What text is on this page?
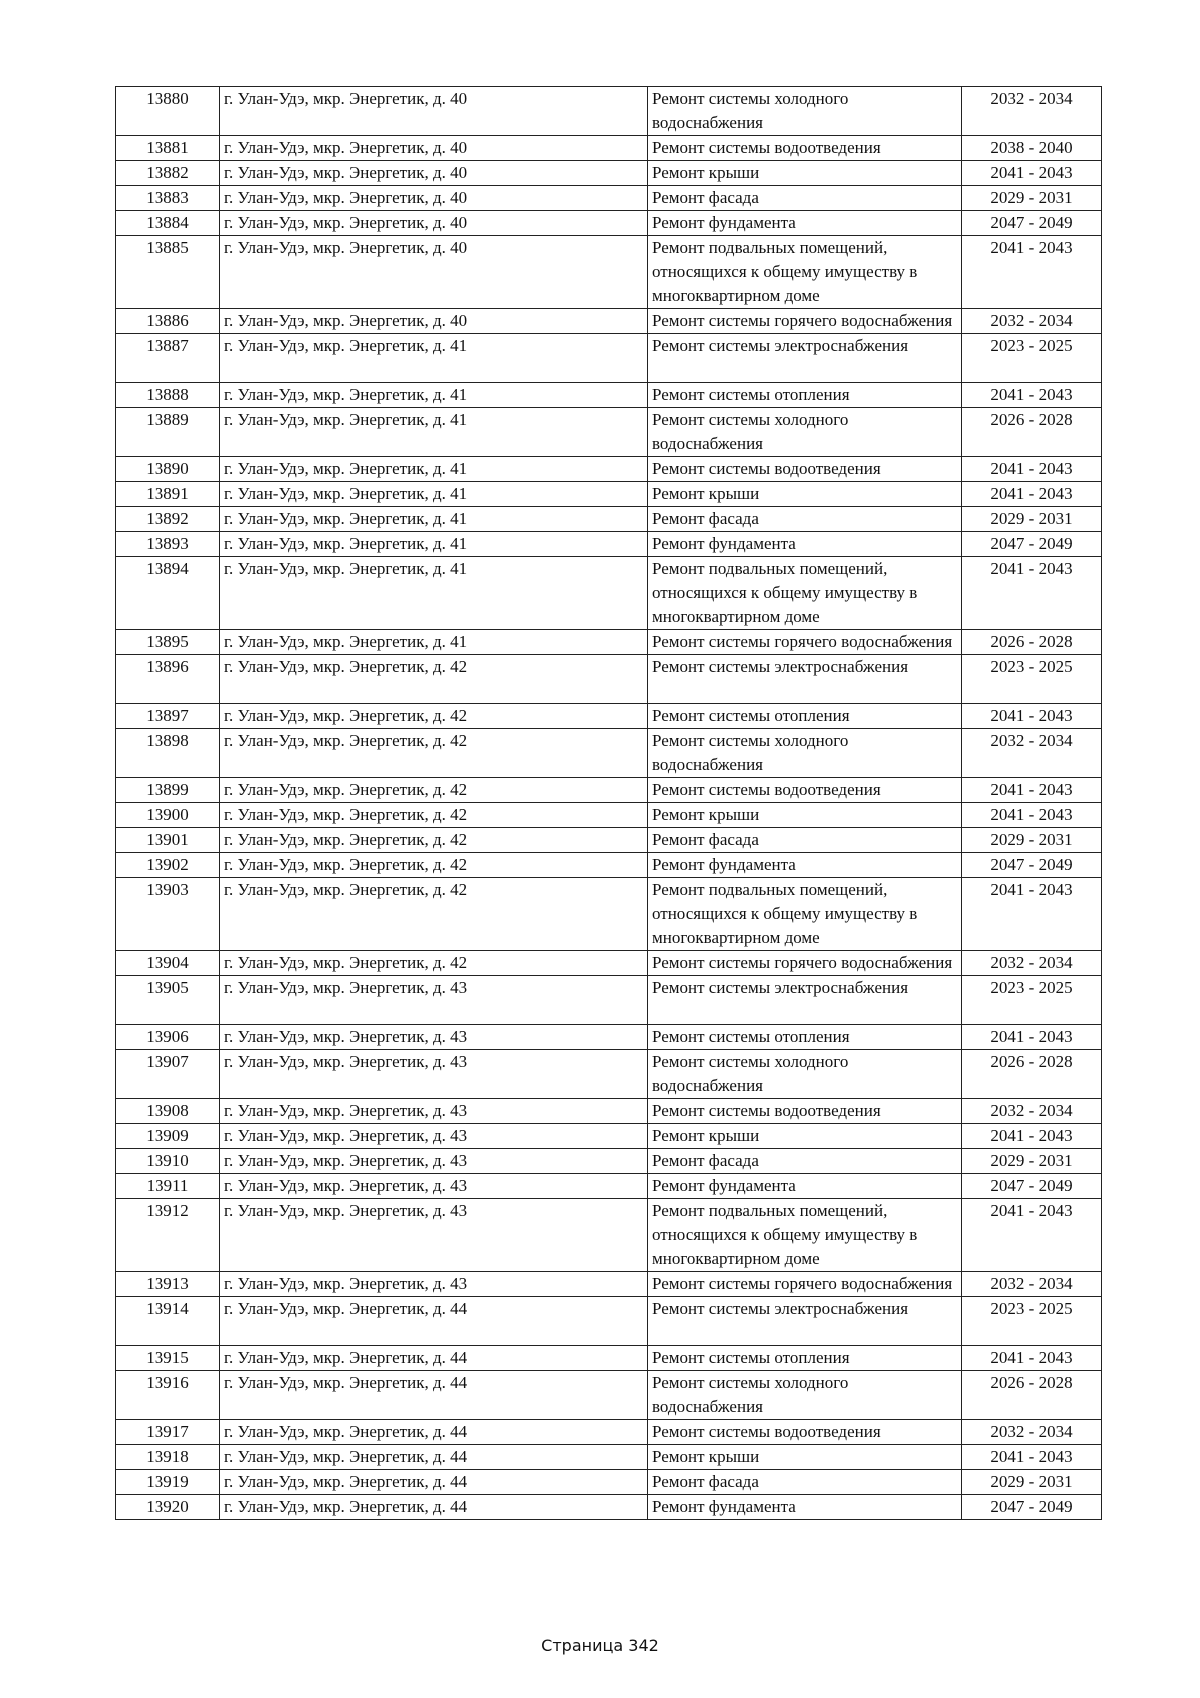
13880	г. Улан-Удэ, мкр. Энергетик, д. 40	Ремонт системы холодного водоснабжения	2032 - 2034
13881	г. Улан-Удэ, мкр. Энергетик, д. 40	Ремонт системы водоотведения	2038 - 2040
13882	г. Улан-Удэ, мкр. Энергетик, д. 40	Ремонт крыши	2041 - 2043
13883	г. Улан-Удэ, мкр. Энергетик, д. 40	Ремонт фасада	2029 - 2031
13884	г. Улан-Удэ, мкр. Энергетик, д. 40	Ремонт фундамента	2047 - 2049
13885	г. Улан-Удэ, мкр. Энергетик, д. 40	Ремонт подвальных помещений, относящихся к общему имуществу в многоквартирном доме	2041 - 2043
13886	г. Улан-Удэ, мкр. Энергетик, д. 40	Ремонт системы горячего водоснабжения	2032 - 2034
13887	г. Улан-Удэ, мкр. Энергетик, д. 41	Ремонт системы электроснабжения	2023 - 2025
13888	г. Улан-Удэ, мкр. Энергетик, д. 41	Ремонт системы отопления	2041 - 2043
13889	г. Улан-Удэ, мкр. Энергетик, д. 41	Ремонт системы холодного водоснабжения	2026 - 2028
13890	г. Улан-Удэ, мкр. Энергетик, д. 41	Ремонт системы водоотведения	2041 - 2043
13891	г. Улан-Удэ, мкр. Энергетик, д. 41	Ремонт крыши	2041 - 2043
13892	г. Улан-Удэ, мкр. Энергетик, д. 41	Ремонт фасада	2029 - 2031
13893	г. Улан-Удэ, мкр. Энергетик, д. 41	Ремонт фундамента	2047 - 2049
13894	г. Улан-Удэ, мкр. Энергетик, д. 41	Ремонт подвальных помещений, относящихся к общему имуществу в многоквартирном доме	2041 - 2043
13895	г. Улан-Удэ, мкр. Энергетик, д. 41	Ремонт системы горячего водоснабжения	2026 - 2028
13896	г. Улан-Удэ, мкр. Энергетик, д. 42	Ремонт системы электроснабжения	2023 - 2025
13897	г. Улан-Удэ, мкр. Энергетик, д. 42	Ремонт системы отопления	2041 - 2043
13898	г. Улан-Удэ, мкр. Энергетик, д. 42	Ремонт системы холодного водоснабжения	2032 - 2034
13899	г. Улан-Удэ, мкр. Энергетик, д. 42	Ремонт системы водоотведения	2041 - 2043
13900	г. Улан-Удэ, мкр. Энергетик, д. 42	Ремонт крыши	2041 - 2043
13901	г. Улан-Удэ, мкр. Энергетик, д. 42	Ремонт фасада	2029 - 2031
13902	г. Улан-Удэ, мкр. Энергетик, д. 42	Ремонт фундамента	2047 - 2049
13903	г. Улан-Удэ, мкр. Энергетик, д. 42	Ремонт подвальных помещений, относящихся к общему имуществу в многоквартирном доме	2041 - 2043
13904	г. Улан-Удэ, мкр. Энергетик, д. 42	Ремонт системы горячего водоснабжения	2032 - 2034
13905	г. Улан-Удэ, мкр. Энергетик, д. 43	Ремонт системы электроснабжения	2023 - 2025
13906	г. Улан-Удэ, мкр. Энергетик, д. 43	Ремонт системы отопления	2041 - 2043
13907	г. Улан-Удэ, мкр. Энергетик, д. 43	Ремонт системы холодного водоснабжения	2026 - 2028
13908	г. Улан-Удэ, мкр. Энергетик, д. 43	Ремонт системы водоотведения	2032 - 2034
13909	г. Улан-Удэ, мкр. Энергетик, д. 43	Ремонт крыши	2041 - 2043
13910	г. Улан-Удэ, мкр. Энергетик, д. 43	Ремонт фасада	2029 - 2031
13911	г. Улан-Удэ, мкр. Энергетик, д. 43	Ремонт фундамента	2047 - 2049
13912	г. Улан-Удэ, мкр. Энергетик, д. 43	Ремонт подвальных помещений, относящихся к общему имуществу в многоквартирном доме	2041 - 2043
13913	г. Улан-Удэ, мкр. Энергетик, д. 43	Ремонт системы горячего водоснабжения	2032 - 2034
13914	г. Улан-Удэ, мкр. Энергетик, д. 44	Ремонт системы электроснабжения	2023 - 2025
13915	г. Улан-Удэ, мкр. Энергетик, д. 44	Ремонт системы отопления	2041 - 2043
13916	г. Улан-Удэ, мкр. Энергетик, д. 44	Ремонт системы холодного водоснабжения	2026 - 2028
13917	г. Улан-Удэ, мкр. Энергетик, д. 44	Ремонт системы водоотведения	2032 - 2034
13918	г. Улан-Удэ, мкр. Энергетик, д. 44	Ремонт крыши	2041 - 2043
13919	г. Улан-Удэ, мкр. Энергетик, д. 44	Ремонт фасада	2029 - 2031
13920	г. Улан-Удэ, мкр. Энергетик, д. 44	Ремонт фундамента	2047 - 2049
Страница 342
